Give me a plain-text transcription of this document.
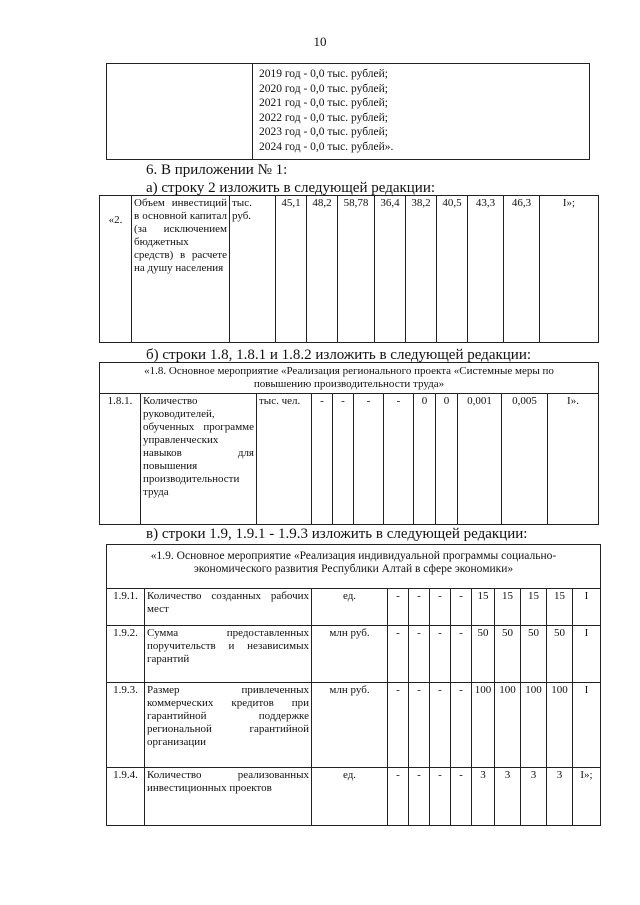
10

2019 год - 0,0 тыс. рублей;
2020 год - 0,0 тыс. рублей;
2021 год - 0,0 тыс. рублей;
2022 год - 0,0 тыс. рублей;
2023 год - 0,0 тыс. рублей;
2024 год - 0,0 тыс. рублей».
6. В приложении № 1:
а) строку 2 изложить в следующей редакции:
«2.	Объем инвестиций в основной капитал (за исключением бюджетных средств) в расчете на душу населения	тыс. руб.	45,1	48,2	58,78	36,4	38,2	40,5	43,3	46,3	I»;
б) строки 1.8, 1.8.1 и 1.8.2 изложить в следующей редакции:
«1.8. Основное мероприятие «Реализация регионального проекта «Системные меры по повышению производительности труда»
1.8.1.	Количество руководителей, обученных программе управленческих навыков для повышения производительности труда	тыс. чел.	-	-	-	-	0	0	0,001	0,005	I».
в) строки 1.9, 1.9.1 - 1.9.3 изложить в следующей редакции:
«1.9. Основное мероприятие «Реализация индивидуальной программы социально-экономического развития Республики Алтай в сфере экономики»											
1.9.1.	Количество созданных рабочих мест	ед.	-	-	-	-	15	15	15	15	I
1.9.2.	Сумма предоставленных поручительств и независимых гарантий	млн руб.	-	-	-	-	50	50	50	50	I
1.9.3.	Размер привлеченных коммерческих кредитов при гарантийной поддержке региональной гарантийной организации	млн руб.	-	-	-	-	100	100	100	100	I
1.9.4.	Количество реализованных инвестиционных проектов	ед.	-	-	-	-	3	3	3	3	I»;
